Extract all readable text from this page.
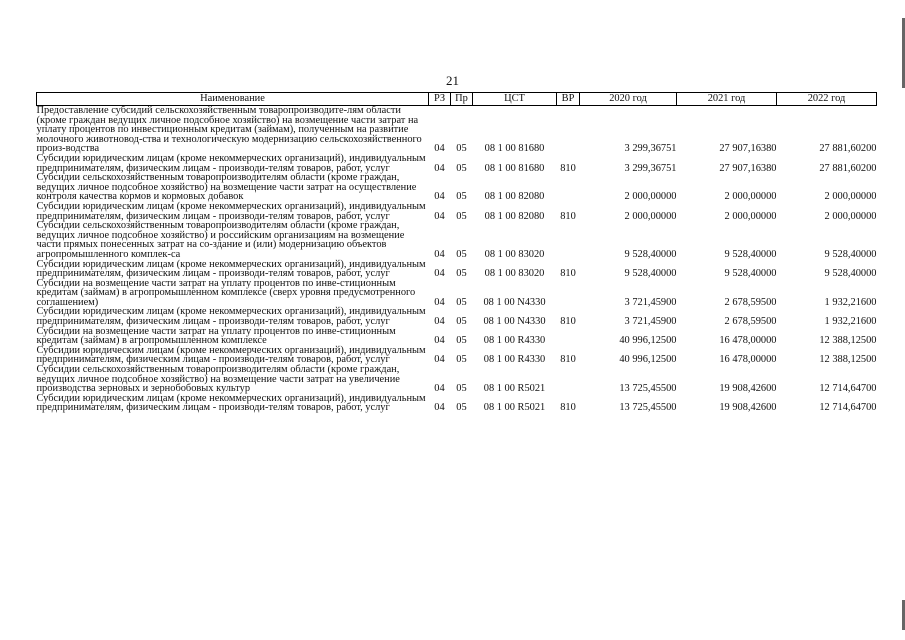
21
Наименование	РЗ	Пр	ЦСТ	ВР	2020 год	2021 год	2022 год
Предоставление субсидий сельскохозяйственным товаропроизводите-лям области (кроме граждан ведущих личное подсобное хозяйство) на возмещение части затрат на уплату процентов по инвестиционным кредитам (займам), полученным на развитие молочного животновод-ства и технологическую модернизацию сельскохозяйственного произ-водства	04	05	08 1 00 81680		3 299,36751	27 907,16380	27 881,60200
Субсидии юридическим лицам (кроме некоммерческих организаций), индивидуальным предпринимателям, физическим лицам - производи-телям товаров, работ, услуг	04	05	08 1 00 81680	810	3 299,36751	27 907,16380	27 881,60200
Субсидии сельскохозяйственным товаропроизводителям области (кроме граждан, ведущих личное подсобное хозяйство) на возмещение части затрат на осуществление контроля качества кормов и кормовых добавок	04	05	08 1 00 82080		2 000,00000	2 000,00000	2 000,00000
Субсидии юридическим лицам (кроме некоммерческих организаций), индивидуальным предпринимателям, физическим лицам - производи-телям товаров, работ, услуг	04	05	08 1 00 82080	810	2 000,00000	2 000,00000	2 000,00000
Субсидии сельскохозяйственным товаропроизводителям области (кроме граждан, ведущих личное подсобное хозяйство) и российским организациям на возмещение части прямых понесенных затрат на со-здание и (или) модернизацию объектов агропромышленного комплек-са	04	05	08 1 00 83020		9 528,40000	9 528,40000	9 528,40000
Субсидии юридическим лицам (кроме некоммерческих организаций), индивидуальным предпринимателям, физическим лицам - производи-телям товаров, работ, услуг	04	05	08 1 00 83020	810	9 528,40000	9 528,40000	9 528,40000
Субсидии на возмещение части затрат на уплату процентов по инве-стиционным кредитам (займам) в агропромышленном комплексе (сверх уровня предусмотренного соглашением)	04	05	08 1 00 N4330		3 721,45900	2 678,59500	1 932,21600
Субсидии юридическим лицам (кроме некоммерческих организаций), индивидуальным предпринимателям, физическим лицам - производи-телям товаров, работ, услуг	04	05	08 1 00 N4330	810	3 721,45900	2 678,59500	1 932,21600
Субсидии на возмещение части затрат на уплату процентов по инве-стиционным кредитам (займам) в агропромышленном комплексе	04	05	08 1 00 R4330		40 996,12500	16 478,00000	12 388,12500
Субсидии юридическим лицам (кроме некоммерческих организаций), индивидуальным предпринимателям, физическим лицам - производи-телям товаров, работ, услуг	04	05	08 1 00 R4330	810	40 996,12500	16 478,00000	12 388,12500
Субсидии сельскохозяйственным товаропроизводителям области (кроме граждан, ведущих личное подсобное хозяйство) на возмещение части затрат на увеличение производства зерновых и зернобобовых культур	04	05	08 1 00 R5021		13 725,45500	19 908,42600	12 714,64700
Субсидии юридическим лицам (кроме некоммерческих организаций), индивидуальным предпринимателям, физическим лицам - производи-телям товаров, работ, услуг	04	05	08 1 00 R5021	810	13 725,45500	19 908,42600	12 714,64700
